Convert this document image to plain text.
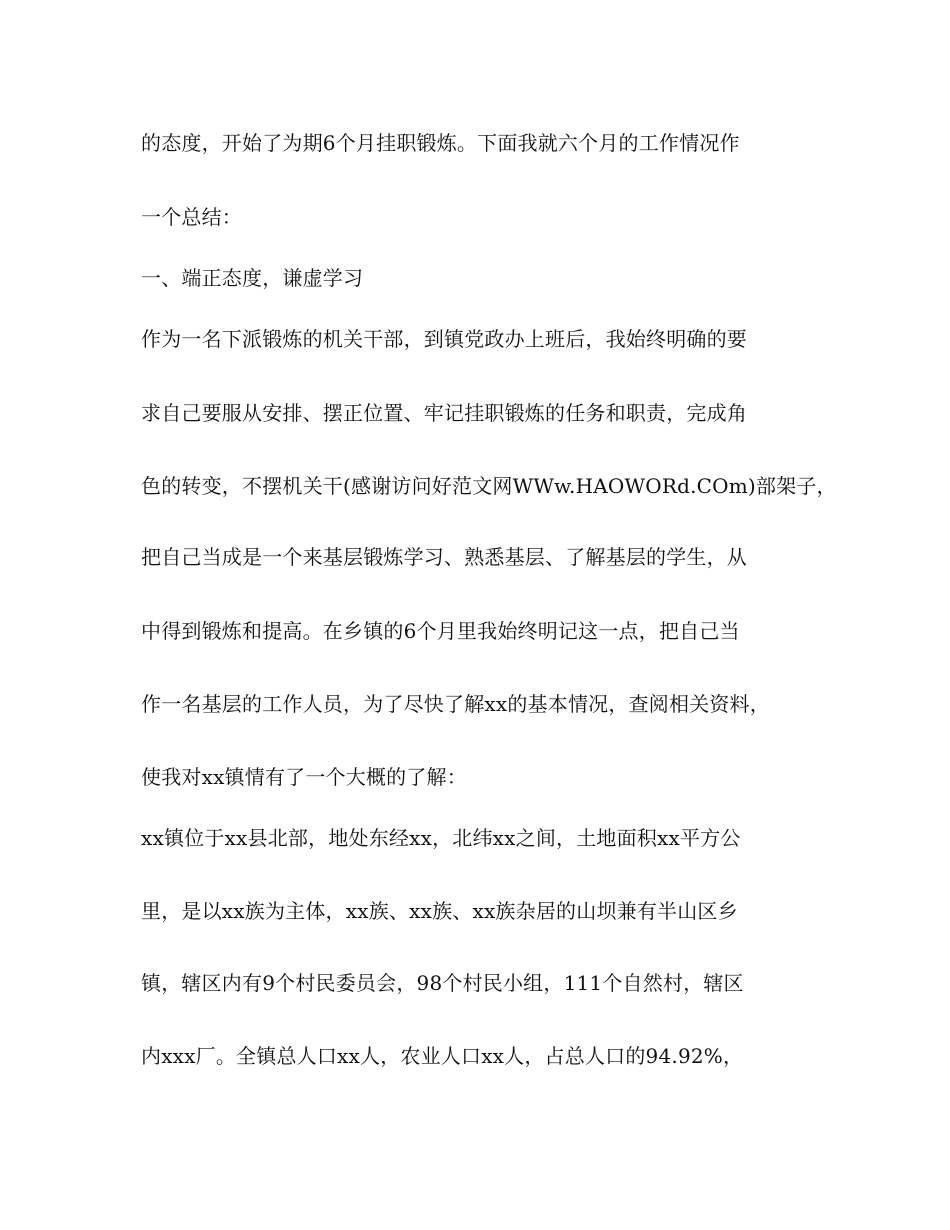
的态度，开始了为期6个月挂职锻炼。下面我就六个月的工作情况作
一个总结：
一、端正态度，谦虚学习
作为一名下派锻炼的机关干部，到镇党政办上班后，我始终明确的要
求自己要服从安排、摆正位置、牢记挂职锻炼的任务和职责，完成角
色的转变，不摆机关干(感谢访问好范文网WWw.HAOWORd.COm)部架子，
把自己当成是一个来基层锻炼学习、熟悉基层、了解基层的学生，从
中得到锻炼和提高。在乡镇的6个月里我始终明记这一点，把自己当
作一名基层的工作人员，为了尽快了解xx的基本情况，查阅相关资料，
使我对xx镇情有了一个大概的了解：
xx镇位于xx县北部，地处东经xx，北纬xx之间，土地面积xx平方公
里，是以xx族为主体，xx族、xx族、xx族杂居的山坝兼有半山区乡
镇，辖区内有9个村民委员会，98个村民小组，111个自然村，辖区
内xxx厂。全镇总人口xx人，农业人口xx人，占总人口的94.92%，
